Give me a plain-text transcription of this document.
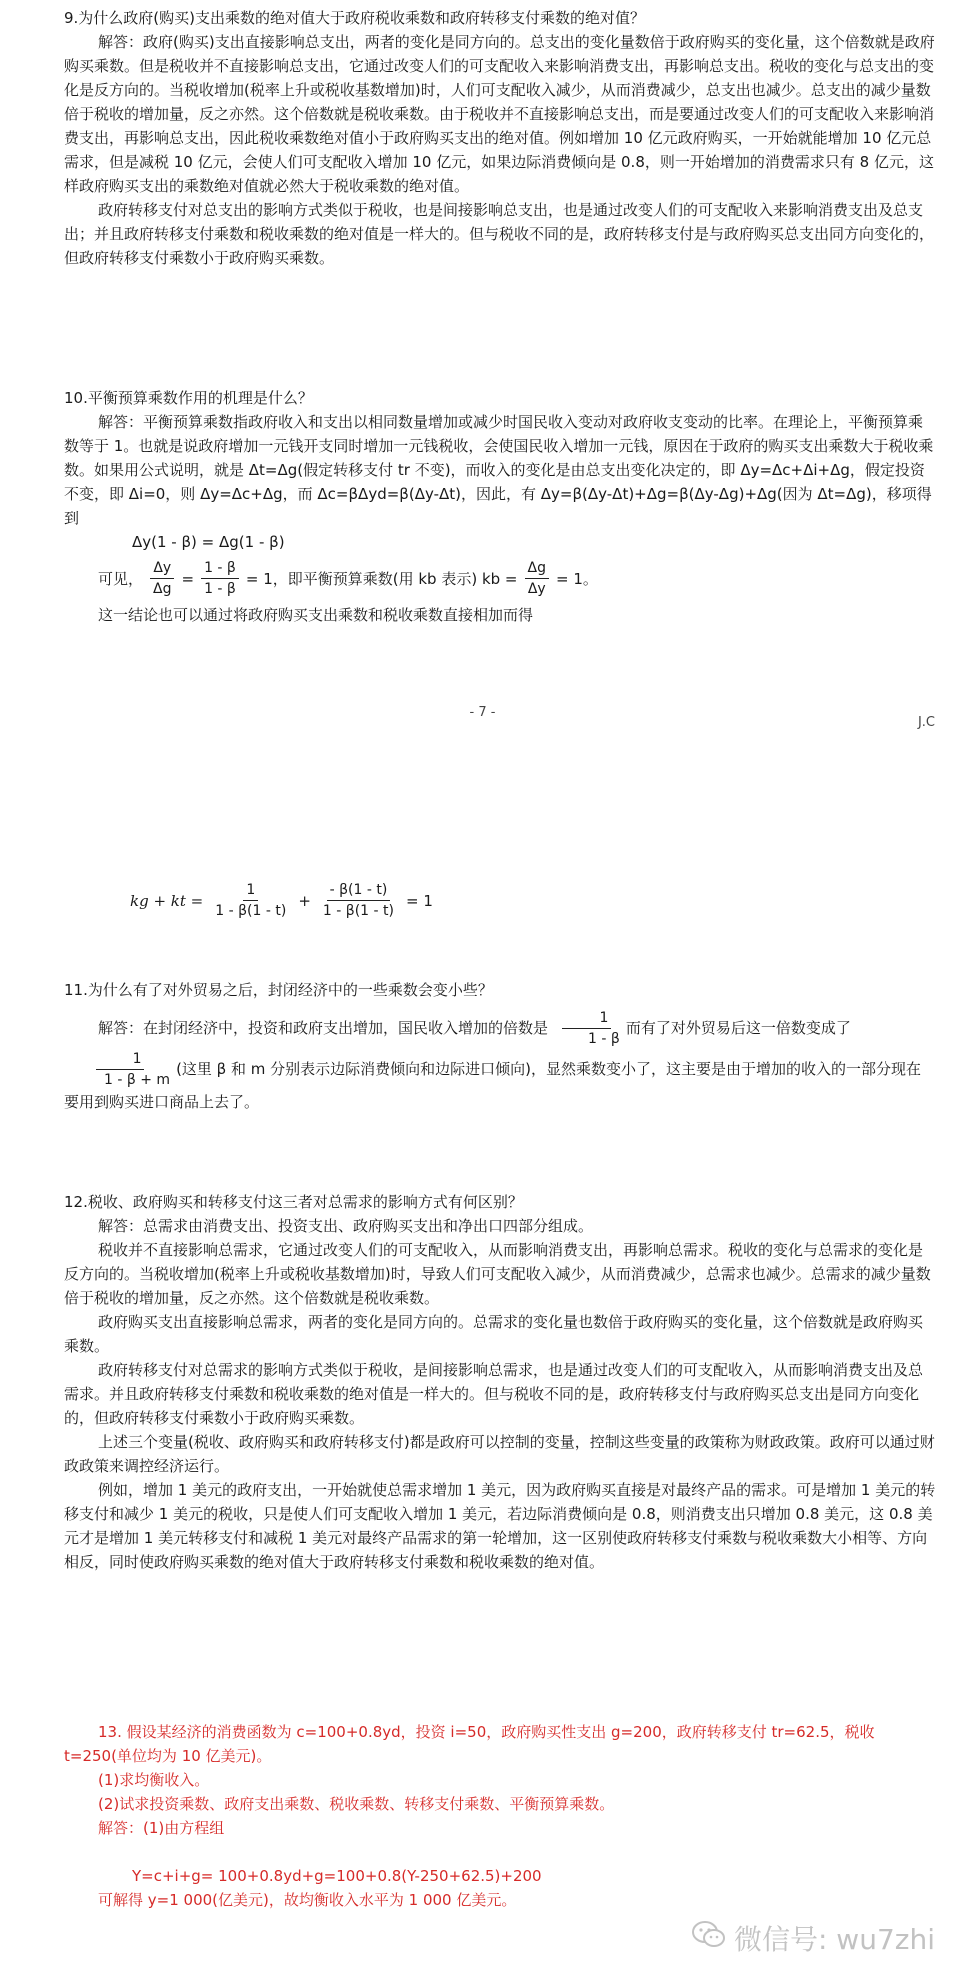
9.为什么政府(购买)支出乘数的绝对值大于政府税收乘数和政府转移支付乘数的绝对值？

解答：政府(购买)支出直接影响总支出，两者的变化是同方向的。总支出的变化量数倍于政府购买的变化量，这个倍数就是政府购买乘数。但是税收并不直接影响总支出，它通过改变人们的可支配收入来影响消费支出，再影响总支出。税收的变化与总支出的变化是反方向的。当税收增加(税率上升或税收基数增加)时，人们可支配收入减少，从而消费减少，总支出也减少。总支出的减少量数倍于税收的增加量，反之亦然。这个倍数就是税收乘数。由于税收并不直接影响总支出，而是要通过改变人们的可支配收入来影响消费支出，再影响总支出，因此税收乘数绝对值小于政府购买支出的绝对值。例如增加 10 亿元政府购买，一开始就能增加 10 亿元总需求，但是减税 10 亿元，会使人们可支配收入增加 10 亿元，如果边际消费倾向是 0.8，则一开始增加的消费需求只有 8 亿元，这样政府购买支出的乘数绝对值就必然大于税收乘数的绝对值。

政府转移支付对总支出的影响方式类似于税收，也是间接影响总支出，也是通过改变人们的可支配收入来影响消费支出及总支出；并且政府转移支付乘数和税收乘数的绝对值是一样大的。但与税收不同的是，政府转移支付是与政府购买总支出同方向变化的，但政府转移支付乘数小于政府购买乘数。

10.平衡预算乘数作用的机理是什么？

解答：平衡预算乘数指政府收入和支出以相同数量增加或减少时国民收入变动对政府收支变动的比率。在理论上，平衡预算乘数等于 1。也就是说政府增加一元钱开支同时增加一元钱税收，会使国民收入增加一元钱，原因在于政府的购买支出乘数大于税收乘数。如果用公式说明，就是 Δt=Δg(假定转移支付 tr 不变)，而收入的变化是由总支出变化决定的，即 Δy=Δc+Δi+Δg，假定投资不变，即 Δi=0，则 Δy=Δc+Δg，而 Δc=βΔyd=β(Δy-Δt)，因此，有 Δy=β(Δy-Δt)+Δg=β(Δy-Δg)+Δg(因为 Δt=Δg)，移项得到

Δy(1 - β) = Δg(1 - β)

可见， $\frac{\Delta y}{\Delta g} = \frac{1 - \beta}{1 - \beta} = 1$，即平衡预算乘数(用 kb 表示) kb = $\frac{\Delta g}{\Delta y} = 1$。

这一结论也可以通过将政府购买支出乘数和税收乘数直接相加而得

- 7 -
J.C
kg + kt = $\frac{1}{1 - \beta(1 - t)} + \frac{- \beta(1 - t)}{1 - \beta(1 - t)} = 1$

11.为什么有了对外贸易之后，封闭经济中的一些乘数会变小些？

解答：在封闭经济中，投资和政府支出增加，国民收入增加的倍数是 $\frac{1}{1 - \beta}$ 而有了对外贸易后这一倍数变成了
$\frac{1}{1 - \beta + m}$ (这里 β 和 m 分别表示边际消费倾向和边际进口倾向)，显然乘数变小了，这主要是由于增加的收入的一部分现在要用到购买进口商品上去了。

12.税收、政府购买和转移支付这三者对总需求的影响方式有何区别？

解答：总需求由消费支出、投资支出、政府购买支出和净出口四部分组成。

税收并不直接影响总需求，它通过改变人们的可支配收入，从而影响消费支出，再影响总需求。税收的变化与总需求的变化是反方向的。当税收增加(税率上升或税收基数增加)时，导致人们可支配收入减少，从而消费减少，总需求也减少。总需求的减少量数倍于税收的增加量，反之亦然。这个倍数就是税收乘数。

政府购买支出直接影响总需求，两者的变化是同方向的。总需求的变化量也数倍于政府购买的变化量，这个倍数就是政府购买乘数。

政府转移支付对总需求的影响方式类似于税收，是间接影响总需求，也是通过改变人们的可支配收入，从而影响消费支出及总需求。并且政府转移支付乘数和税收乘数的绝对值是一样大的。但与税收不同的是，政府转移支付与政府购买总支出是同方向变化的，但政府转移支付乘数小于政府购买乘数。

上述三个变量(税收、政府购买和政府转移支付)都是政府可以控制的变量，控制这些变量的政策称为财政政策。政府可以通过财政政策来调控经济运行。

例如，增加 1 美元的政府支出，一开始就使总需求增加 1 美元，因为政府购买直接是对最终产品的需求。可是增加 1 美元的转移支付和减少 1 美元的税收，只是使人们可支配收入增加 1 美元，若边际消费倾向是 0.8，则消费支出只增加 0.8 美元，这 0.8 美元才是增加 1 美元转移支付和减税 1 美元对最终产品需求的第一轮增加，这一区别使政府转移支付乘数与税收乘数大小相等、方向相反，同时使政府购买乘数的绝对值大于政府转移支付乘数和税收乘数的绝对值。

13. 假设某经济的消费函数为 c=100+0.8yd，投资 i=50，政府购买性支出 g=200，政府转移支付 tr=62.5，税收 t=250(单位均为 10 亿美元)。

(1)求均衡收入。

(2)试求投资乘数、政府支出乘数、税收乘数、转移支付乘数、平衡预算乘数。

解答：(1)由方程组

Y=c+i+g= 100+0.8yd+g=100+0.8(Y-250+62.5)+200

可解得 y=1 000(亿美元)，故均衡收入水平为 1 000 亿美元。

微信号: wu7zhi
